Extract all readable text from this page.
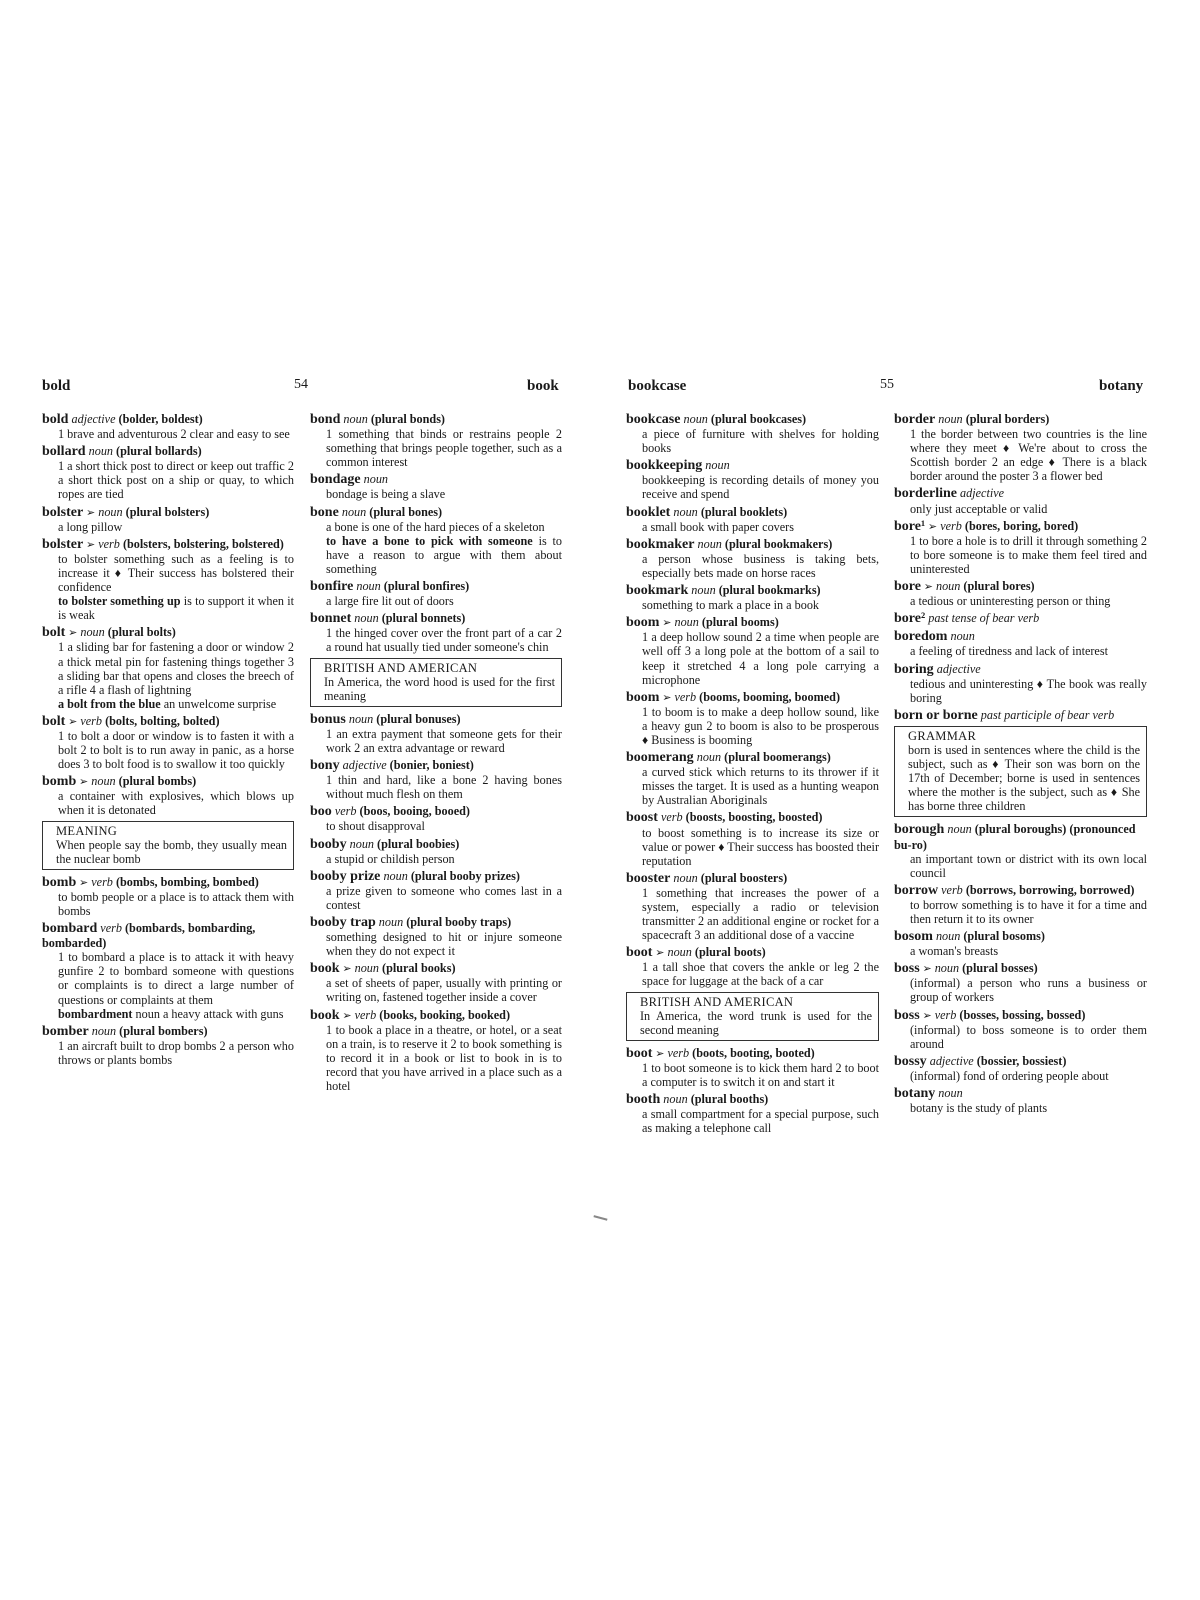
bold	54	book	bookcase	55	botany
bold adjective (bolder, boldest)
1 brave and adventurous 2 clear and easy to see
bollard noun (plural bollards)
1 a short thick post to direct or keep out traffic 2 a short thick post on a ship or quay, to which ropes are tied
bolster ➢ noun (plural bolsters)
a long pillow
bolster ➢ verb (bolsters, bolstering, bolstered)
to bolster something such as a feeling is to increase it ♦ Their success has bolstered their confidence
to bolster something up is to support it when it is weak
bolt ➢ noun (plural bolts)
1 a sliding bar for fastening a door or window 2 a thick metal pin for fastening things together 3 a sliding bar that opens and closes the breech of a rifle 4 a flash of lightning
a bolt from the blue an unwelcome surprise
bolt ➢ verb (bolts, bolting, bolted)
1 to bolt a door or window is to fasten it with a bolt 2 to bolt is to run away in panic, as a horse does 3 to bolt food is to swallow it too quickly
bomb ➢ noun (plural bombs)
a container with explosives, which blows up when it is detonated
MEANING
When people say the bomb, they usually mean the nuclear bomb
bomb ➢ verb (bombs, bombing, bombed)
to bomb people or a place is to attack them with bombs
bombard verb (bombards, bombarding, bombarded)
1 to bombard a place is to attack it with heavy gunfire 2 to bombard someone with questions or complaints is to direct a large number of questions or complaints at them
bombardment noun a heavy attack with guns
bomber noun (plural bombers)
1 an aircraft built to drop bombs 2 a person who throws or plants bombs
bond noun (plural bonds)
1 something that binds or restrains people 2 something that brings people together, such as a common interest
bondage noun
bondage is being a slave
bone noun (plural bones)
a bone is one of the hard pieces of a skeleton
to have a bone to pick with someone is to have a reason to argue with them about something
bonfire noun (plural bonfires)
a large fire lit out of doors
bonnet noun (plural bonnets)
1 the hinged cover over the front part of a car 2 a round hat usually tied under someone's chin
BRITISH AND AMERICAN
In America, the word hood is used for the first meaning
bonus noun (plural bonuses)
1 an extra payment that someone gets for their work 2 an extra advantage or reward
bony adjective (bonier, boniest)
1 thin and hard, like a bone 2 having bones without much flesh on them
boo verb (boos, booing, booed)
to shout disapproval
booby noun (plural boobies)
a stupid or childish person
booby prize noun (plural booby prizes)
a prize given to someone who comes last in a contest
booby trap noun (plural booby traps)
something designed to hit or injure someone when they do not expect it
book ➢ noun (plural books)
a set of sheets of paper, usually with printing or writing on, fastened together inside a cover
book ➢ verb (books, booking, booked)
1 to book a place in a theatre, or hotel, or a seat on a train, is to reserve it 2 to book something is to record it in a book or list to book in is to record that you have arrived in a place such as a hotel
bookcase noun (plural bookcases)
a piece of furniture with shelves for holding books
bookkeeping noun
bookkeeping is recording details of money you receive and spend
booklet noun (plural booklets)
a small book with paper covers
bookmaker noun (plural bookmakers)
a person whose business is taking bets, especially bets made on horse races
bookmark noun (plural bookmarks)
something to mark a place in a book
boom ➢ noun (plural booms)
1 a deep hollow sound 2 a time when people are well off 3 a long pole at the bottom of a sail to keep it stretched 4 a long pole carrying a microphone
boom ➢ verb (booms, booming, boomed)
1 to boom is to make a deep hollow sound, like a heavy gun 2 to boom is also to be prosperous ♦ Business is booming
boomerang noun (plural boomerangs)
a curved stick which returns to its thrower if it misses the target. It is used as a hunting weapon by Australian Aboriginals
boost verb (boosts, boosting, boosted)
to boost something is to increase its size or value or power ♦ Their success has boosted their reputation
booster noun (plural boosters)
1 something that increases the power of a system, especially a radio or television transmitter 2 an additional engine or rocket for a spacecraft 3 an additional dose of a vaccine
boot ➢ noun (plural boots)
1 a tall shoe that covers the ankle or leg 2 the space for luggage at the back of a car
BRITISH AND AMERICAN
In America, the word trunk is used for the second meaning
boot ➢ verb (boots, booting, booted)
1 to boot someone is to kick them hard 2 to boot a computer is to switch it on and start it
booth noun (plural booths)
a small compartment for a special purpose, such as making a telephone call
border noun (plural borders)
1 the border between two countries is the line where they meet ♦ We're about to cross the Scottish border 2 an edge ♦ There is a black border around the poster 3 a flower bed
borderline adjective
only just acceptable or valid
bore¹ ➢ verb (bores, boring, bored)
1 to bore a hole is to drill it through something 2 to bore someone is to make them feel tired and uninterested
bore ➢ noun (plural bores)
a tedious or uninteresting person or thing
bore² past tense of bear verb
boredom noun
a feeling of tiredness and lack of interest
boring adjective
tedious and uninteresting ♦ The book was really boring
born or borne past participle of bear verb
GRAMMAR
born is used in sentences where the child is the subject, such as ♦ Their son was born on the 17th of December; borne is used in sentences where the mother is the subject, such as ♦ She has borne three children
borough noun (plural boroughs) (pronounced bu-ro)
an important town or district with its own local council
borrow verb (borrows, borrowing, borrowed)
to borrow something is to have it for a time and then return it to its owner
bosom noun (plural bosoms)
a woman's breasts
boss ➢ noun (plural bosses)
(informal) a person who runs a business or group of workers
boss ➢ verb (bosses, bossing, bossed)
(informal) to boss someone is to order them around
bossy adjective (bossier, bossiest)
(informal) fond of ordering people about
botany noun
botany is the study of plants
